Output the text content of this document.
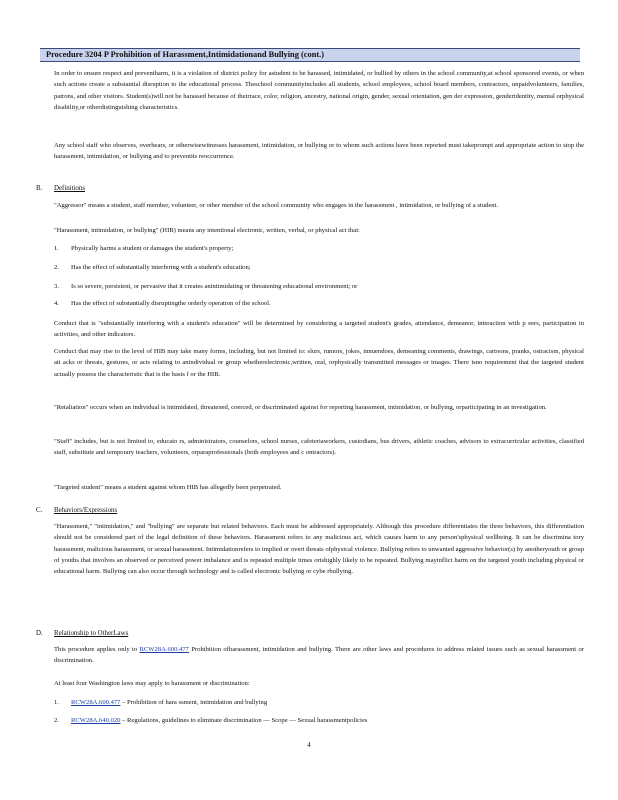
Procedure 3204 P Prohibition of Harassment,Intimidationand Bullying (cont.)

In order to ensure respect and preventharm, it is a violation of district policy for astudent to be harassed, intimidated, or bullied by others in the school community,at school sponsored events, or when such actions create a substantial disruption to the educational process. Theschool communityincludes all students, school employees, school board members, contractors, unpaidvolunteers, families, patrons, and other visitors. Student(s)will not be harassed because of theirrace, color, religion, ancestry, national origin, gender, sexual orientation, gen der expression, genderidentity, mental orphysical disability,or otherdistinguishing characteristics.

Any school staff who observes, overhears, or otherwisewitnesses harassment, intimidation, or bullying or to whom such actions have been reported must takeprompt and appropriate action to stop the harassment, intimidation, or bullying and to preventits reoccurrence.

B. Definitions

"Aggressor" means a student, staff member, volunteer, or other member of the school community who engages in the harassment , intimidation, or bullying of a student.

"Harassment, intimidation, or bullying" (HIB) means any intentional electronic, written, verbal, or physical act that:

1. Physically harms a student or damages the student's property;
2. Has the effect of substantially interfering with a student's education;
3. Is so severe, persistent, or pervasive that it creates anintimidating or threatening educational environment; or
4. Has the effect of substantially disruptingthe orderly operation of the school.

Conduct that is "substantially interfering with a student's education" will be determined by considering a targeted student's grades, attendance, demeanor, interaction with p eers, participation in activities, and other indicators.

Conduct that may rise to the level of HIB may take many forms, including, but not limited to: slurs, rumors, jokes, innuendoes, demeaning comments, drawings, cartoons, pranks, ostracism, physical att acks or threats, gestures, or acts relating to anindividual or group whetherelectronic,written, oral, orphysically transmitted messages or images. There isno requirement that the targeted student actually possess the characteristic that is the basis f or the HIB.

"Retaliation" occurs when an individual is intimidated, threatened, coerced, or discriminated against for reporting harassment, intimidation, or bullying, orparticipating in an investigation.

"Staff" includes, but is not limited to, educato rs, administrators, counselors, school nurses, cafeteriaworkers, custodians, bus drivers, athletic coaches, advisors to extracurricular activities, classified staff, substitute and temporary teachers, volunteers, orparaprofessionals (both employees and c ontractors).

"Targeted student" means a student against whom HIB has allegedly been perpetrated.

C. Behaviors/Expressions

"Harassment," "intimidation," and "bullying" are separate but related behaviors. Each must be addressed appropriately. Although this procedure differentiates the three behaviors, this differentiation should not be considered part of the legal definition of these behaviors. Harassment refers to any malicious act, which causes harm to any person'sphysical wellbeing. It can be discrimina tory harassment, malicious harassment, or sexual harassment. Intimidationrefers to implied or overt threats ofphysical violence. Bullying refers to unwanted aggressive behavior(s) by anotheryouth or group of youths that involves an observed or perceived power imbalance and is repeated multiple times orishighly likely to be repeated. Bullying mayinflict harm on the targeted youth including physical or educational harm. Bullying can also occur through technology and is called electronic bullying or cybe rbullying.

D. Relationship to OtherLaws

This procedure applies only to RCW28A.600.477 Prohibition ofharassment, intimidation and bullying. There are other laws and procedures to address related issues such as sexual harassment or discrimination.

At least four Washington laws may apply to harassment or discrimination:

1. RCW28A.600.477 – Prohibition of hara ssment, intimidation and bullying
2. RCW28A.640.020 – Regulations, guidelines to eliminate discrimination — Scope — Sexual harassmentpolicies
4
